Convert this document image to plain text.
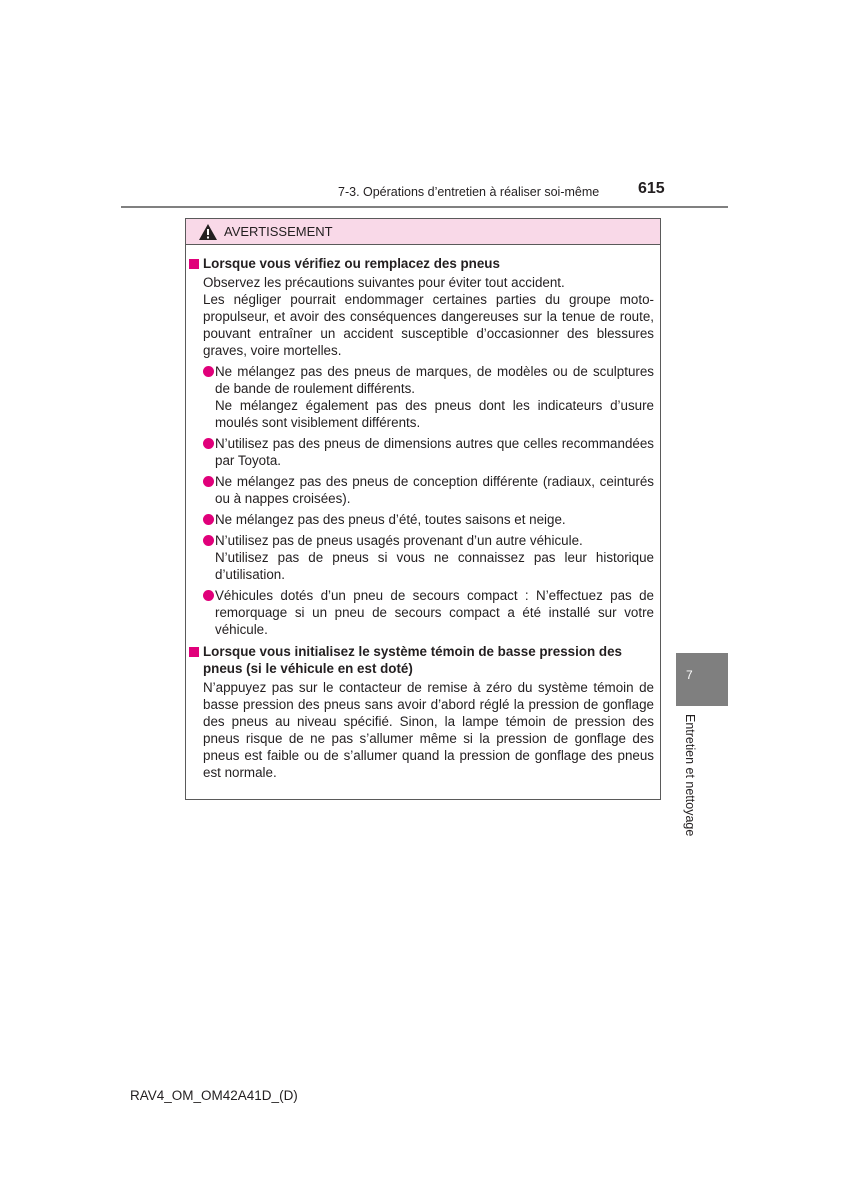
7-3. Opérations d’entretien à réaliser soi-même 615
AVERTISSEMENT
Lorsque vous vérifiez ou remplacez des pneus
Observez les précautions suivantes pour éviter tout accident.
Les négliger pourrait endommager certaines parties du groupe moto-propulseur, et avoir des conséquences dangereuses sur la tenue de route, pouvant entraîner un accident susceptible d’occasionner des blessures graves, voire mortelles.
Ne mélangez pas des pneus de marques, de modèles ou de sculptures de bande de roulement différents.
Ne mélangez également pas des pneus dont les indicateurs d’usure moulés sont visiblement différents.
N’utilisez pas des pneus de dimensions autres que celles recommandées par Toyota.
Ne mélangez pas des pneus de conception différente (radiaux, ceinturés ou à nappes croisées).
Ne mélangez pas des pneus d’été, toutes saisons et neige.
N’utilisez pas de pneus usagés provenant d’un autre véhicule.
N’utilisez pas de pneus si vous ne connaissez pas leur historique d’utilisation.
Véhicules dotés d’un pneu de secours compact : N’effectuez pas de remorquage si un pneu de secours compact a été installé sur votre véhicule.
Lorsque vous initialisez le système témoin de basse pression des pneus (si le véhicule en est doté)
N’appuyez pas sur le contacteur de remise à zéro du système témoin de basse pression des pneus sans avoir d’abord réglé la pression de gonflage des pneus au niveau spécifié. Sinon, la lampe témoin de pression des pneus risque de ne pas s’allumer même si la pression de gonflage des pneus est faible ou de s’allumer quand la pression de gonflage des pneus est normale.
7
Entretien et nettoyage
RAV4_OM_OM42A41D_(D)
